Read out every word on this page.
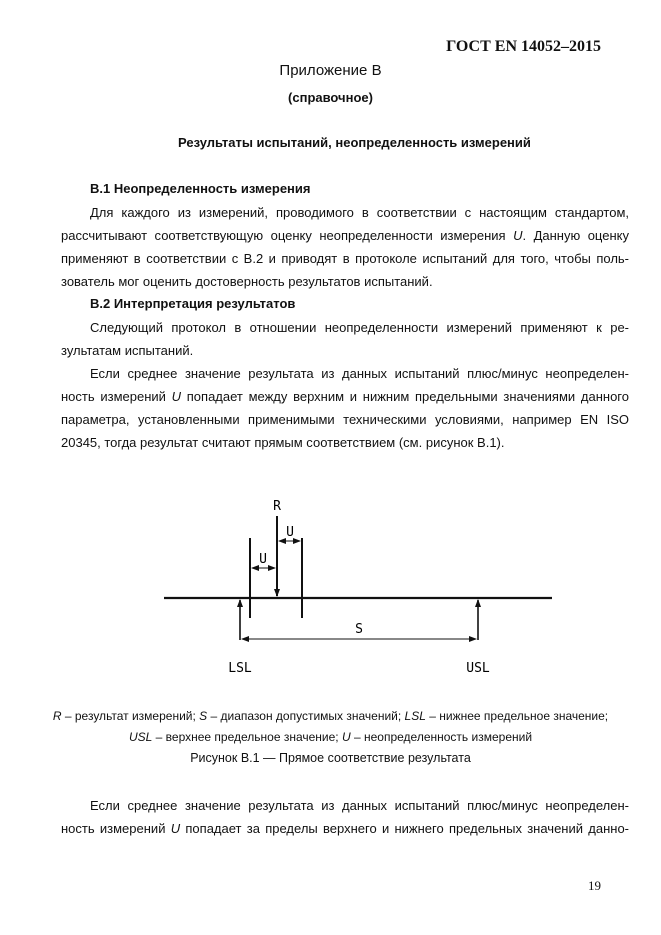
ГОСТ EN 14052–2015
Приложение В
(справочное)
Результаты испытаний, неопределенность измерений
В.1 Неопределенность измерения
Для каждого из измерений, проводимого в соответствии с настоящим стандартом,
рассчитывают соответствующую оценку неопределенности измерения U. Данную оценку
применяют в соответствии с В.2 и приводят в протоколе испытаний для того, чтобы поль-
зователь мог оценить достоверность результатов испытаний.
В.2 Интерпретация результатов
Следующий протокол в отношении неопределенности измерений применяют к ре-
зультатам испытаний.
Если среднее значение результата из данных испытаний плюс/минус неопределен-
ность измерений U попадает между верхним и нижним предельными значениями данного
параметра, установленными применимыми техническими условиями, например EN ISO
20345, тогда результат считают прямым соответствием (см. рисунок В.1).
R
U
U
S
LSL	USL
R – результат измерений; S – диапазон допустимых значений; LSL – нижнее предельное значение;
USL – верхнее предельное значение; U – неопределенность измерений
Рисунок В.1 — Прямое соответствие результата
Если среднее значение результата из данных испытаний плюс/минус неопределен-
ность измерений U попадает за пределы верхнего и нижнего предельных значений данно-
19
